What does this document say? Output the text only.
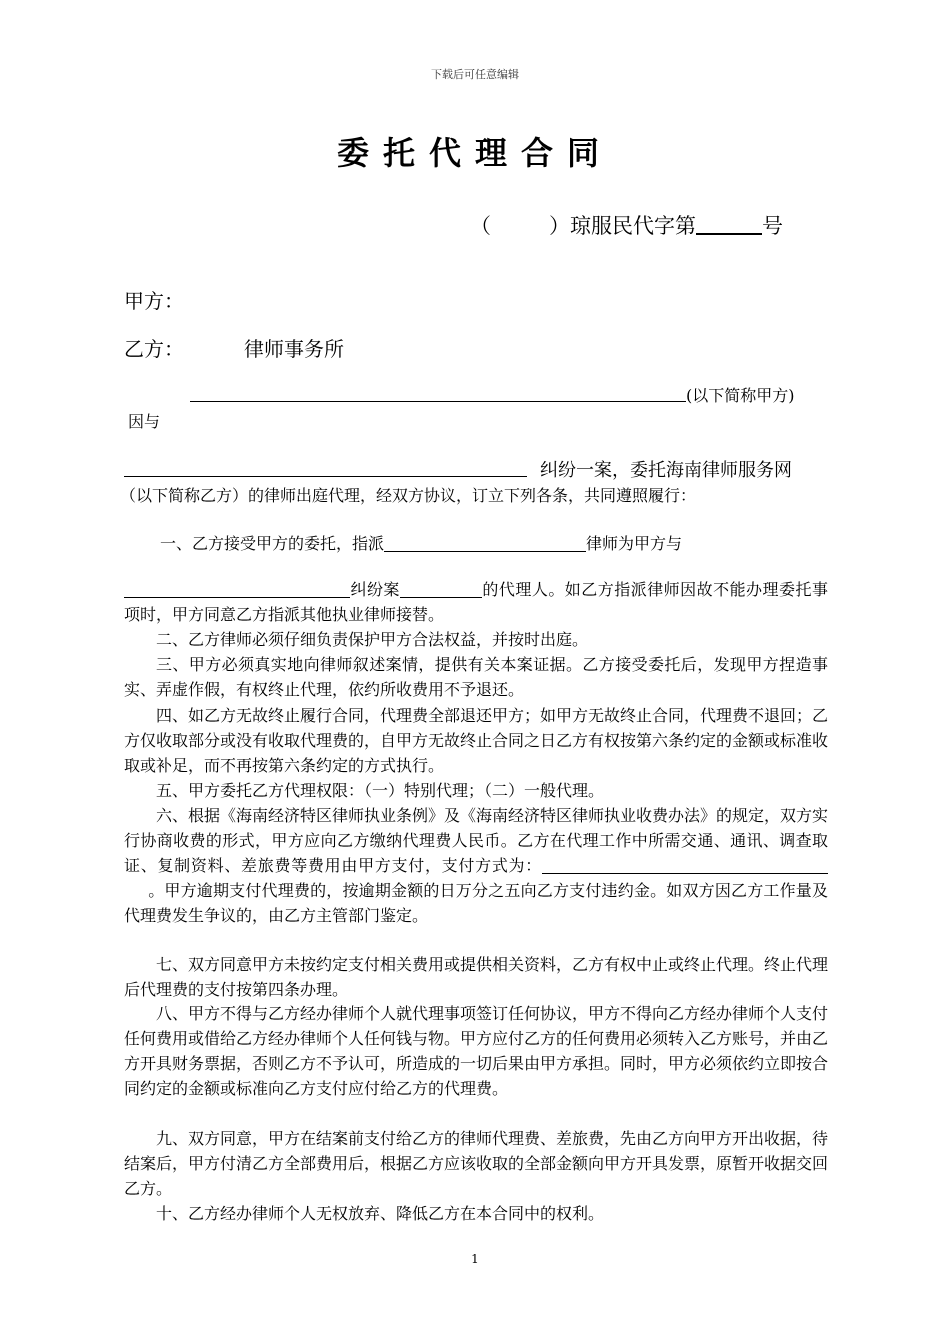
下载后可任意编辑
委托代理合同
（	）琼服民代字第	号
甲方：
乙方：	律师事务所
(以下简称甲方)
因与
纠纷一案，委托海南律师服务网
（以下简称乙方）的律师出庭代理，经双方协议，订立下列各条，共同遵照履行：
一、乙方接受甲方的委托，指派	律师为甲方与
纠纷案	的代理人。如乙方指派律师因故不能办理委托事项时，甲方同意乙方指派其他执业律师接替。
二、乙方律师必须仔细负责保护甲方合法权益，并按时出庭。
三、甲方必须真实地向律师叙述案情，提供有关本案证据。乙方接受委托后，发现甲方捏造事实、弄虚作假，有权终止代理，依约所收费用不予退还。
四、如乙方无故终止履行合同，代理费全部退还甲方；如甲方无故终止合同，代理费不退回；乙方仅收取部分或没有收取代理费的，自甲方无故终止合同之日乙方有权按第六条约定的金额或标准收取或补足，而不再按第六条约定的方式执行。
五、甲方委托乙方代理权限：（一）特别代理；（二）一般代理。
六、根据《海南经济特区律师执业条例》及《海南经济特区律师执业收费办法》的规定，双方实行协商收费的形式，甲方应向乙方缴纳代理费人民币。乙方在代理工作中所需交通、通讯、调查取证、复制资料、差旅费等费用由甲方支付，支付方式为：。甲方逾期支付代理费的，按逾期金额的日万分之五向乙方支付违约金。如双方因乙方工作量及代理费发生争议的，由乙方主管部门鉴定。
七、双方同意甲方未按约定支付相关费用或提供相关资料，乙方有权中止或终止代理。终止代理后代理费的支付按第四条办理。
八、甲方不得与乙方经办律师个人就代理事项签订任何协议，甲方不得向乙方经办律师个人支付任何费用或借给乙方经办律师个人任何钱与物。甲方应付乙方的任何费用必须转入乙方账号，并由乙方开具财务票据，否则乙方不予认可，所造成的一切后果由甲方承担。同时，甲方必须依约立即按合同约定的金额或标准向乙方支付应付给乙方的代理费。
九、双方同意，甲方在结案前支付给乙方的律师代理费、差旅费，先由乙方向甲方开出收据，待结案后，甲方付清乙方全部费用后，根据乙方应该收取的全部金额向甲方开具发票，原暂开收据交回乙方。
十、乙方经办律师个人无权放弃、降低乙方在本合同中的权利。
1
